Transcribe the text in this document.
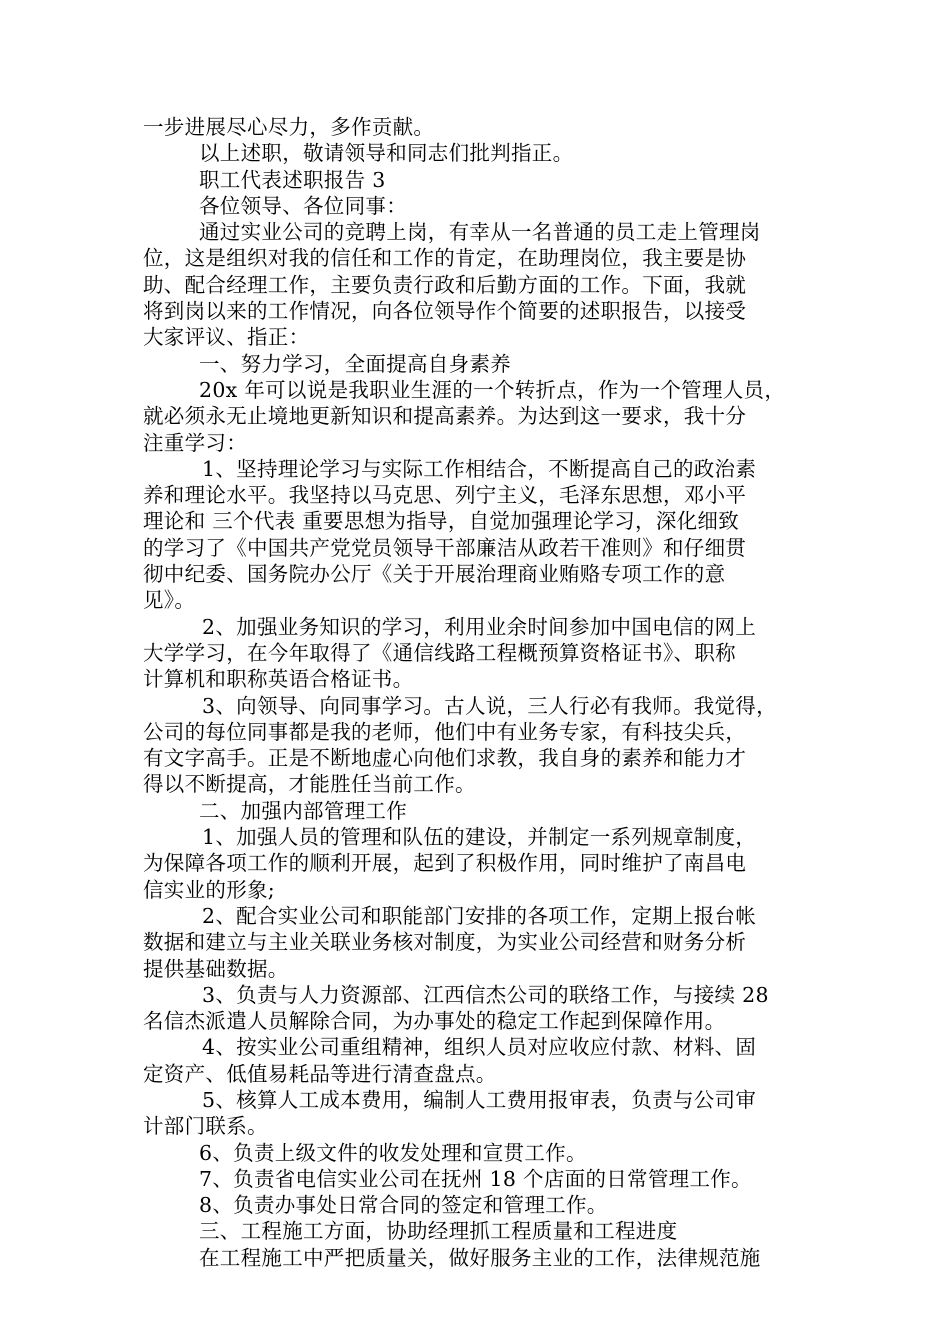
一步进展尽心尽力，多作贡献。
以上述职，敬请领导和同志们批判指正。
职工代表述职报告 3
各位领导、各位同事：
通过实业公司的竞聘上岗，有幸从一名普通的员工走上管理岗
位，这是组织对我的信任和工作的肯定，在助理岗位，我主要是协
助、配合经理工作，主要负责行政和后勤方面的工作。下面，我就
将到岗以来的工作情况，向各位领导作个简要的述职报告，以接受
大家评议、指正：
一、努力学习，全面提高自身素养
20x 年可以说是我职业生涯的一个转折点，作为一个管理人员，
就必须永无止境地更新知识和提高素养。为达到这一要求，我十分
注重学习：
1、坚持理论学习与实际工作相结合，不断提高自己的政治素
养和理论水平。我坚持以马克思、列宁主义，毛泽东思想，邓小平
理论和 三个代表 重要思想为指导，自觉加强理论学习，深化细致
的学习了《中国共产党党员领导干部廉洁从政若干准则》和仔细贯
彻中纪委、国务院办公厅《关于开展治理商业贿赂专项工作的意
见》。
2、加强业务知识的学习，利用业余时间参加中国电信的网上
大学学习，在今年取得了《通信线路工程概预算资格证书》、职称
计算机和职称英语合格证书。
3、向领导、向同事学习。古人说，三人行必有我师。我觉得，
公司的每位同事都是我的老师，他们中有业务专家，有科技尖兵，
有文字高手。正是不断地虚心向他们求教，我自身的素养和能力才
得以不断提高，才能胜任当前工作。
二、加强内部管理工作
1、加强人员的管理和队伍的建设，并制定一系列规章制度，
为保障各项工作的顺利开展，起到了积极作用，同时维护了南昌电
信实业的形象;
2、配合实业公司和职能部门安排的各项工作，定期上报台帐
数据和建立与主业关联业务核对制度，为实业公司经营和财务分析
提供基础数据。
3、负责与人力资源部、江西信杰公司的联络工作，与接续 28
名信杰派遣人员解除合同，为办事处的稳定工作起到保障作用。
4、按实业公司重组精神，组织人员对应收应付款、材料、固
定资产、低值易耗品等进行清查盘点。
5、核算人工成本费用，编制人工费用报审表，负责与公司审
计部门联系。
6、负责上级文件的收发处理和宣贯工作。
7、负责省电信实业公司在抚州 18 个店面的日常管理工作。
8、负责办事处日常合同的签定和管理工作。
三、工程施工方面，协助经理抓工程质量和工程进度
在工程施工中严把质量关，做好服务主业的工作，法律规范施
